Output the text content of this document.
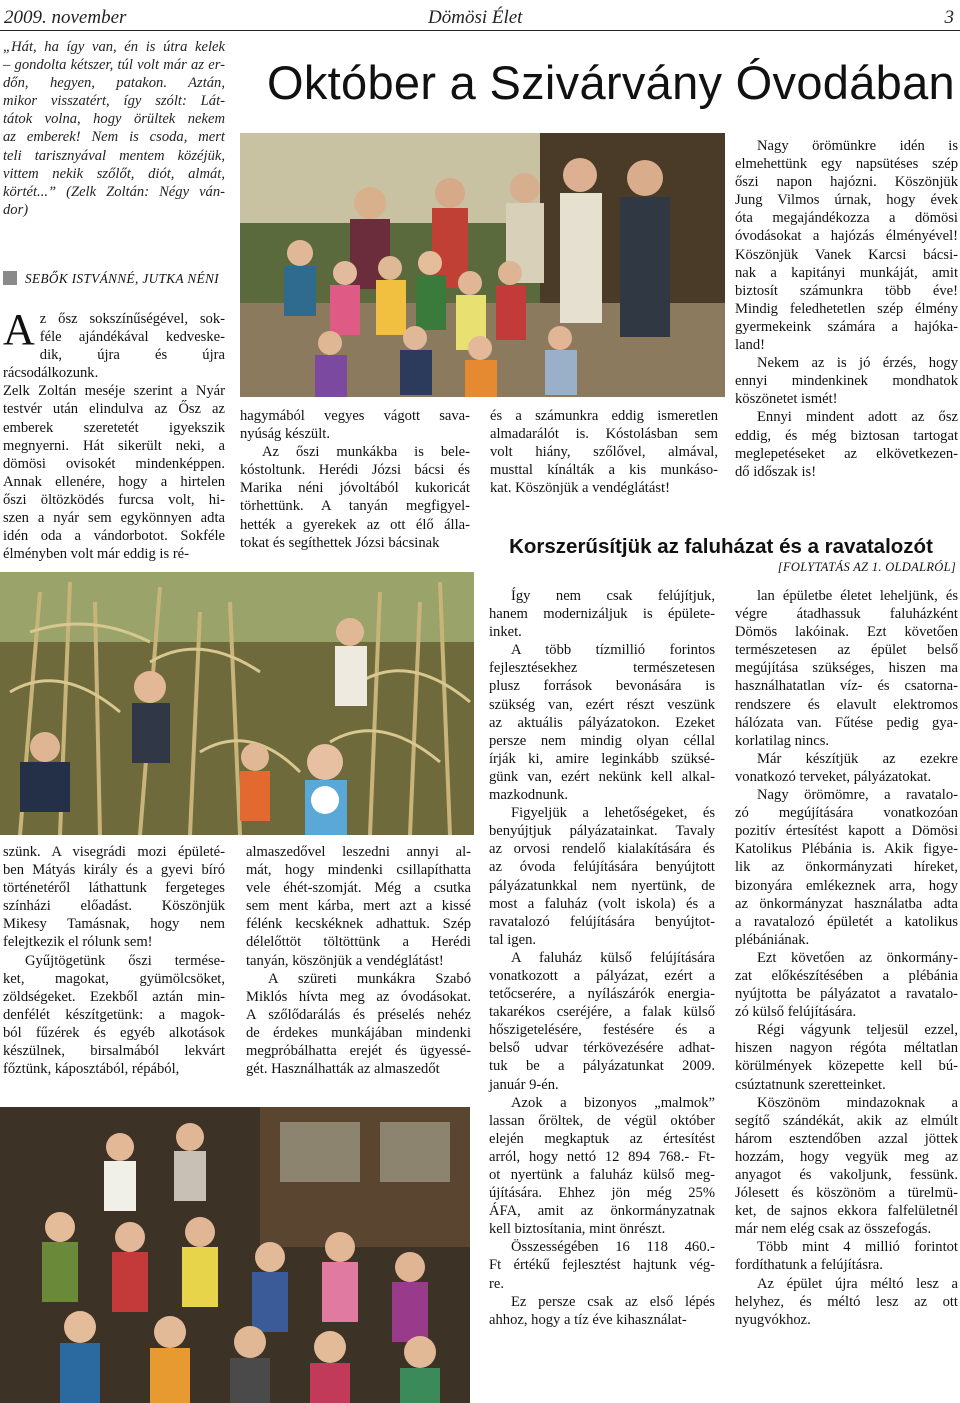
2009. november	Dömösi Élet	3
Október a Szivárvány Óvodában
„Hát, ha így van, én is útra kelek
– gondolta kétszer, túl volt már az er-
dőn, hegyen, patakon. Aztán,
mikor visszatért, így szólt: Lát-
tátok volna, hogy örültek nekem
az emberek! Nem is csoda, mert
teli tarisznyával mentem közéjük,
vittem nekik szőlőt, diót, almát,
körtét...” (Zelk Zoltán: Négy ván-
dor)
SEBŐK ISTVÁNNÉ, JUTKA NÉNI
A z ősz sokszínűségével, sok-
féle ajándékával kedveske-
dik, újra és újra rácsodálkozunk.
Zelk Zoltán meséje szerint a Nyár
testvér után elindulva az Ősz az
emberek szeretetét igyekszik
megnyerni. Hát sikerült neki, a
dömösi ovisokét mindenképpen.
Annak ellenére, hogy a hirtelen
őszi öltözködés furcsa volt, hi-
szen a nyár sem egykönnyen adta
idén oda a vándorbotot. Sokféle
élményben volt már eddig is ré-
szünk. A visegrádi mozi épületé-
ben Mátyás király és a gyevi bíró
történetéről láthattunk fergeteges
színházi előadást. Köszönjük
Mikesy Tamásnak, hogy nem
felejtkezik el rólunk sem!
Gyűjtögetünk őszi termése-
ket, magokat, gyümölcsöket,
zöldségeket. Ezekből aztán min-
denfélét készítgetünk: a magok-
ból fűzérek és egyéb alkotások
készülnek, birsalmából lekvárt
főztünk, káposztából, répából,
hagymából vegyes vágott sava-
nyúság készült.
Az őszi munkákba is bele-
kóstoltunk. Herédi Józsi bácsi és
Marika néni jóvoltából kukoricát
törhettünk. A tanyán megfigyel-
hették a gyerekek az ott élő álla-
tokat és segíthettek Józsi bácsinak
és a számunkra eddig ismeretlen
almadarálót is. Kóstolásban sem
volt hiány, szőlővel, almával,
musttal kínálták a kis munkáso-
kat. Köszönjük a vendéglátást!
Nagy örömünkre idén is
elmehettünk egy napsütéses szép
őszi napon hajózni. Köszönjük
Jung Vilmos úrnak, hogy évek
óta megajándékozza a dömösi
óvodásokat a hajózás élményével!
Köszönjük Vanek Karcsi bácsi-
nak a kapitányi munkáját, amit
biztosít számunkra több éve!
Mindig feledhetetlen szép élmény
gyermekeink számára a hajóka-
land!
Nekem az is jó érzés, hogy
ennyi mindenkinek mondhatok
köszönetet ismét!
Ennyi mindent adott az ősz
eddig, és még biztosan tartogat
meglepetéseket az elkövetkezen-
dő időszak is!
almaszedővel leszedni annyi al-
mát, hogy mindenki csillapíthatta
vele éhét-szomját. Még a csutka
sem ment kárba, mert azt a kissé
félénk kecskéknek adhattuk. Szép
délelőttöt töltöttünk a Herédi
tanyán, köszönjük a vendéglátást!
A szüreti munkákra Szabó
Miklós hívta meg az óvodásokat.
A szőlődarálás és préselés nehéz
de érdekes munkájában mindenki
megpróbálhatta erejét és ügyessé-
gét. Használhatták az almaszedőt
Korszerűsítjük az faluházat és a ravatalozót
[FOLYTATÁS AZ 1. OLDALRÓL]
Így nem csak felújítjuk,
hanem modernizáljuk is épülete-
inket.
A több tízmillió forintos
fejlesztésekhez természetesen
plusz források bevonására is
szükség van, ezért részt veszünk
az aktuális pályázatokon. Ezeket
persze nem mindig olyan céllal
írják ki, amire leginkább szüksé-
günk van, ezért nekünk kell alkal-
mazkodnunk.
Figyeljük a lehetőségeket, és
benyújtjuk pályázatainkat. Tavaly
az orvosi rendelő kialakítására és
az óvoda felújítására benyújtott
pályázatunkkal nem nyertünk, de
most a faluház (volt iskola) és a
ravatalozó felújítására benyújtot-
tal igen.
A faluház külső felújítására
vonatkozott a pályázat, ezért a
tetőcserére, a nyílászárók energia-
takarékos cseréjére, a falak külső
hőszigetelésére, festésére és a
belső udvar térkövezésére adhat-
tuk be a pályázatunkat 2009.
január 9-én.
Azok a bizonyos „malmok”
lassan őröltek, de végül október
elején megkaptuk az értesítést
arról, hogy nettó 12 894 768.- Ft-
ot nyertünk a faluház külső meg-
újítására. Ehhez jön még 25%
ÁFA, amit az önkormányzatnak
kell biztosítania, mint önrészt.
Összességében 16 118 460.-
Ft értékű fejlesztést hajtunk vég-
re.
Ez persze csak az első lépés
ahhoz, hogy a tíz éve kihasználat-
lan épületbe életet leheljünk, és
végre átadhassuk faluházként
Dömös lakóinak. Ezt követően
természetesen az épület belső
megújítása szükséges, hiszen ma
használhatatlan víz- és csatorna-
rendszere és elavult elektromos
hálózata van. Fűtése pedig gya-
korlatilag nincs.
Már készítjük az ezekre
vonatkozó terveket, pályázatokat.
Nagy örömömre, a ravatalo-
zó megújítására vonatkozóan
pozitív értesítést kapott a Dömösi
Katolikus Plébánia is. Akik figye-
lik az önkormányzati híreket,
bizonyára emlékeznek arra, hogy
az önkormányzat használatba adta
a ravatalozó épületét a katolikus
plébániának.
Ezt követően az önkormány-
zat előkészítésében a plébánia
nyújtotta be pályázatot a ravatalo-
zó külső felújítására.
Régi vágyunk teljesül ezzel,
hiszen nagyon régóta méltatlan
körülmények közepette kell bú-
csúztatnunk szeretteinket.
Köszönöm mindazoknak a
segítő szándékát, akik az elmúlt
három esztendőben azzal jöttek
hozzám, hogy vegyük meg az
anyagot és vakoljunk, fessünk.
Jólesett és köszönöm a türelmü-
ket, de sajnos ekkora falfelületnél
már nem elég csak az összefogás.
Több mint 4 millió forintot
fordíthatunk a felújításra.
Az épület újra méltó lesz a
helyhez, és méltó lesz az ott
nyugvókhoz.
